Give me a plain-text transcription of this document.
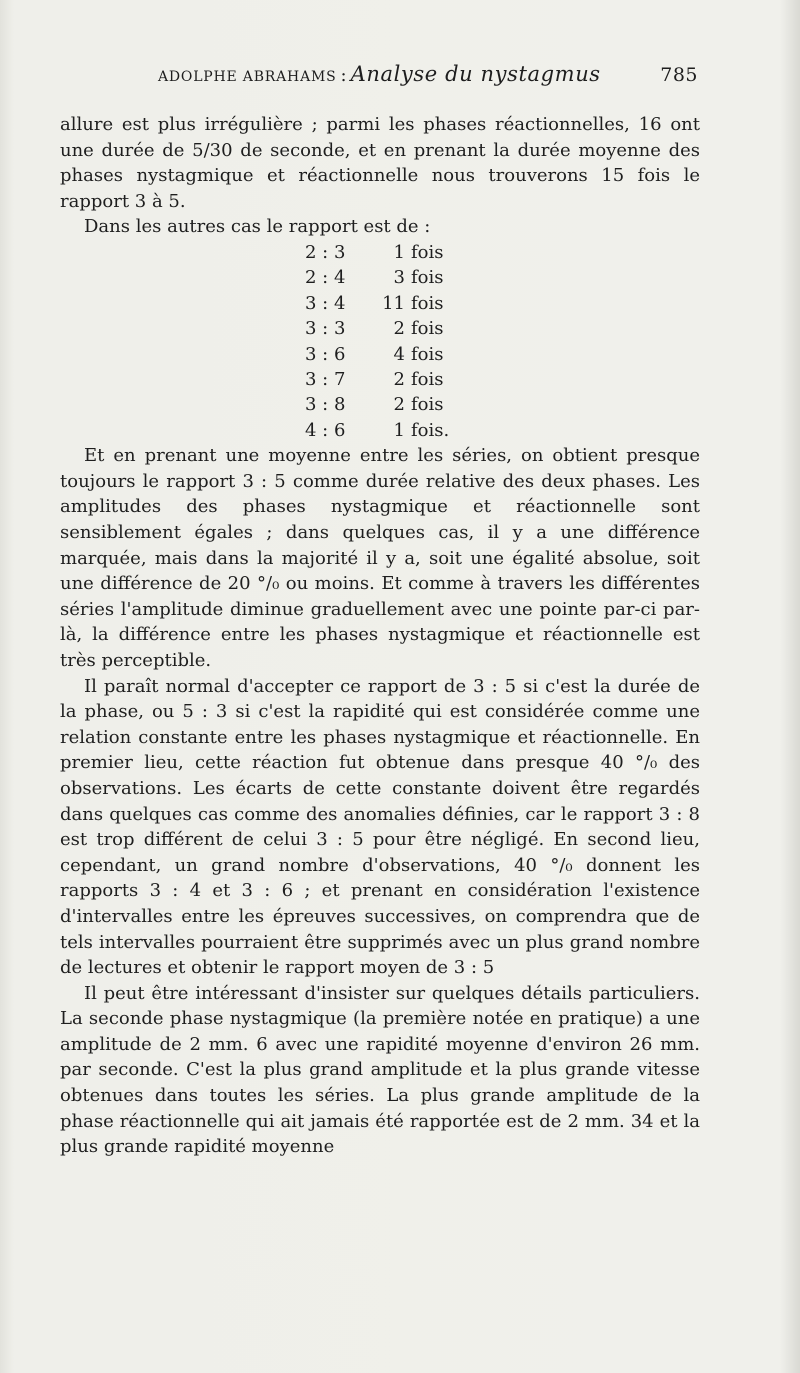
ADOLPHE ABRAHAMS : Analyse du nystagmus	785

allure est plus irrégulière ; parmi les phases réactionnelles, 16 ont une durée de 5/30 de seconde, et en prenant la durée moyenne des phases nystagmique et réactionnelle nous trouverons 15 fois le rapport 3 à 5.

Dans les autres cas le rapport est de :

2 : 3	1	fois
2 : 4	3	fois
3 : 4	11	fois
3 : 3	2	fois
3 : 6	4	fois
3 : 7	2	fois
3 : 8	2	fois
4 : 6	1	fois.

Et en prenant une moyenne entre les séries, on obtient presque toujours le rapport 3 : 5 comme durée relative des deux phases. Les amplitudes des phases nystagmique et réactionnelle sont sensiblement égales ; dans quelques cas, il y a une différence marquée, mais dans la majorité il y a, soit une égalité absolue, soit une différence de 20 °/₀ ou moins. Et comme à travers les différentes séries l'amplitude diminue graduellement avec une pointe par-ci par-là, la différence entre les phases nystagmique et réactionnelle est très perceptible.

Il paraît normal d'accepter ce rapport de 3 : 5 si c'est la durée de la phase, ou 5 : 3 si c'est la rapidité qui est considérée comme une relation constante entre les phases nystagmique et réactionnelle. En premier lieu, cette réaction fut obtenue dans presque 40 °/₀ des observations. Les écarts de cette constante doivent être regardés dans quelques cas comme des anomalies définies, car le rapport 3 : 8 est trop différent de celui 3 : 5 pour être négligé. En second lieu, cependant, un grand nombre d'observations, 40 °/₀ donnent les rapports 3 : 4 et 3 : 6 ; et prenant en considération l'existence d'intervalles entre les épreuves successives, on comprendra que de tels intervalles pourraient être supprimés avec un plus grand nombre de lectures et obtenir le rapport moyen de 3 : 5

Il peut être intéressant d'insister sur quelques détails particuliers. La seconde phase nystagmique (la première notée en pratique) a une amplitude de 2 mm. 6 avec une rapidité moyenne d'environ 26 mm. par seconde. C'est la plus grand amplitude et la plus grande vitesse obtenues dans toutes les séries. La plus grande amplitude de la phase réactionnelle qui ait jamais été rapportée est de 2 mm. 34 et la plus grande rapidité moyenne
